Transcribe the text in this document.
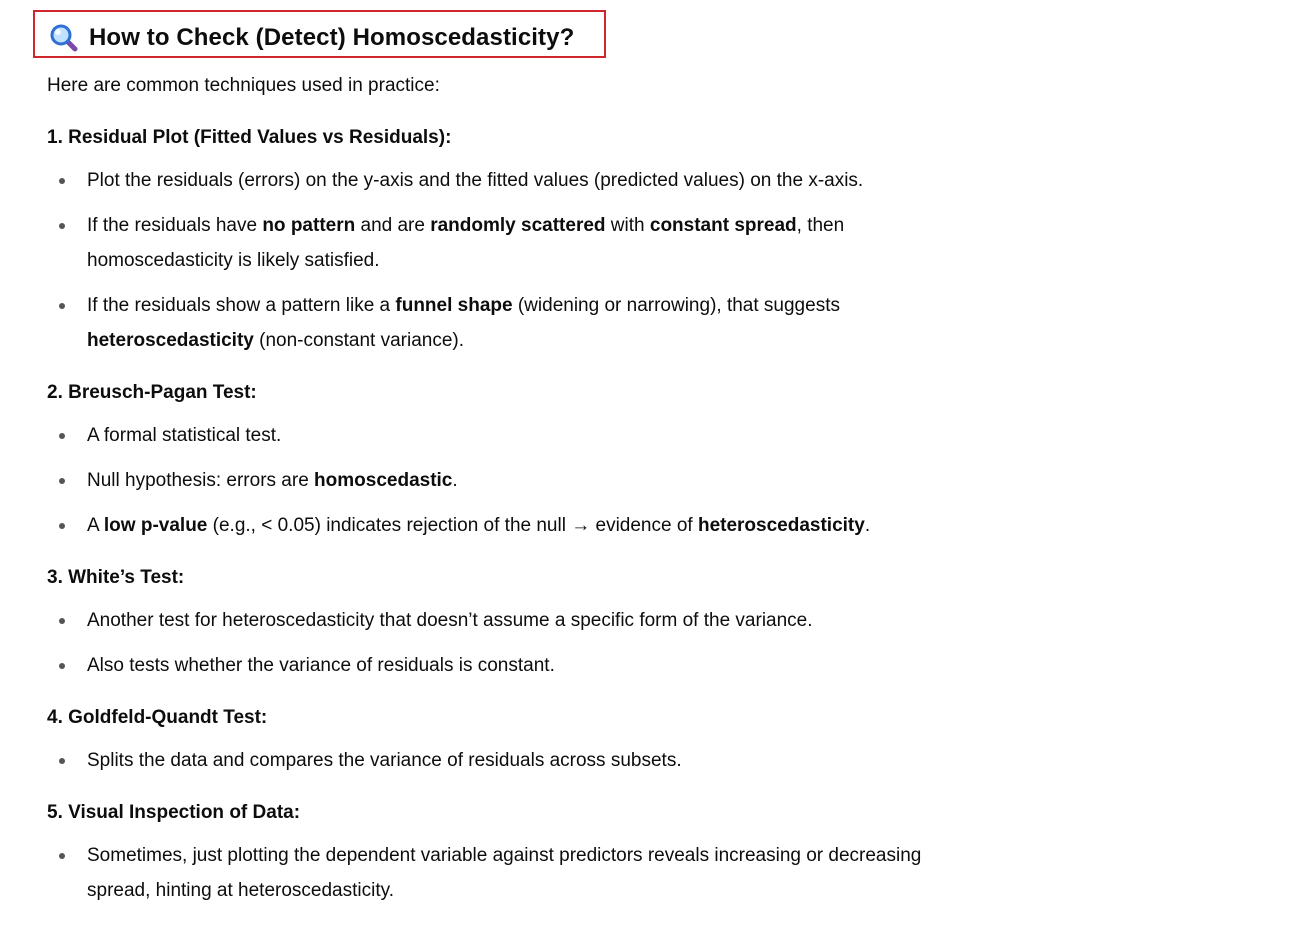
How to Check (Detect) Homoscedasticity?
Here are common techniques used in practice:
1. Residual Plot (Fitted Values vs Residuals):
Plot the residuals (errors) on the y-axis and the fitted values (predicted values) on the x-axis.
If the residuals have no pattern and are randomly scattered with constant spread, then
homoscedasticity is likely satisfied.
If the residuals show a pattern like a funnel shape (widening or narrowing), that suggests
heteroscedasticity (non-constant variance).
2. Breusch-Pagan Test:
A formal statistical test.
Null hypothesis: errors are homoscedastic.
A low p-value (e.g., < 0.05) indicates rejection of the null → evidence of heteroscedasticity.
3. White’s Test:
Another test for heteroscedasticity that doesn’t assume a specific form of the variance.
Also tests whether the variance of residuals is constant.
4. Goldfeld-Quandt Test:
Splits the data and compares the variance of residuals across subsets.
5. Visual Inspection of Data:
Sometimes, just plotting the dependent variable against predictors reveals increasing or decreasing
spread, hinting at heteroscedasticity.
